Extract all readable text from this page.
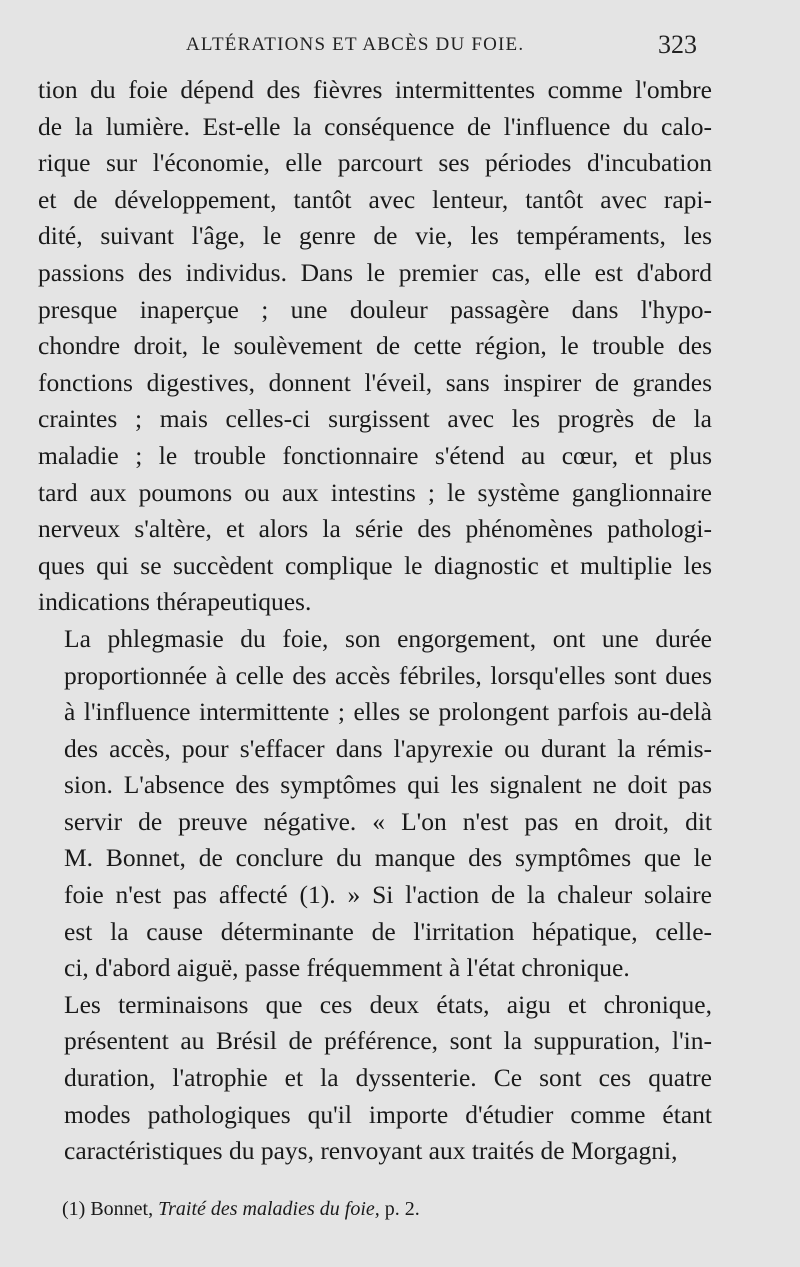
ALTÉRATIONS ET ABCÈS DU FOIE.	323

tion du foie dépend des fièvres intermittentes comme l'ombre
de la lumière. Est-elle la conséquence de l'influence du calo-
rique sur l'économie, elle parcourt ses périodes d'incubation
et de développement, tantôt avec lenteur, tantôt avec rapi-
dité, suivant l'âge, le genre de vie, les tempéraments, les
passions des individus. Dans le premier cas, elle est d'abord
presque inaperçue ; une douleur passagère dans l'hypo-
chondre droit, le soulèvement de cette région, le trouble des
fonctions digestives, donnent l'éveil, sans inspirer de grandes
craintes ; mais celles-ci surgissent avec les progrès de la
maladie ; le trouble fonctionnaire s'étend au cœur, et plus
tard aux poumons ou aux intestins ; le système ganglionnaire
nerveux s'altère, et alors la série des phénomènes pathologi-
ques qui se succèdent complique le diagnostic et multiplie les
indications thérapeutiques.

La phlegmasie du foie, son engorgement, ont une durée
proportionnée à celle des accès fébriles, lorsqu'elles sont dues
à l'influence intermittente ; elles se prolongent parfois au-delà
des accès, pour s'effacer dans l'apyrexie ou durant la rémis-
sion. L'absence des symptômes qui les signalent ne doit pas
servir de preuve négative. « L'on n'est pas en droit, dit
M. Bonnet, de conclure du manque des symptômes que le
foie n'est pas affecté (1). » Si l'action de la chaleur solaire
est la cause déterminante de l'irritation hépatique, celle-
ci, d'abord aiguë, passe fréquemment à l'état chronique.

Les terminaisons que ces deux états, aigu et chronique,
présentent au Brésil de préférence, sont la suppuration, l'in-
duration, l'atrophie et la dyssenterie. Ce sont ces quatre
modes pathologiques qu'il importe d'étudier comme étant
caractéristiques du pays, renvoyant aux traités de Morgagni,

(1) Bonnet, Traité des maladies du foie, p. 2.
